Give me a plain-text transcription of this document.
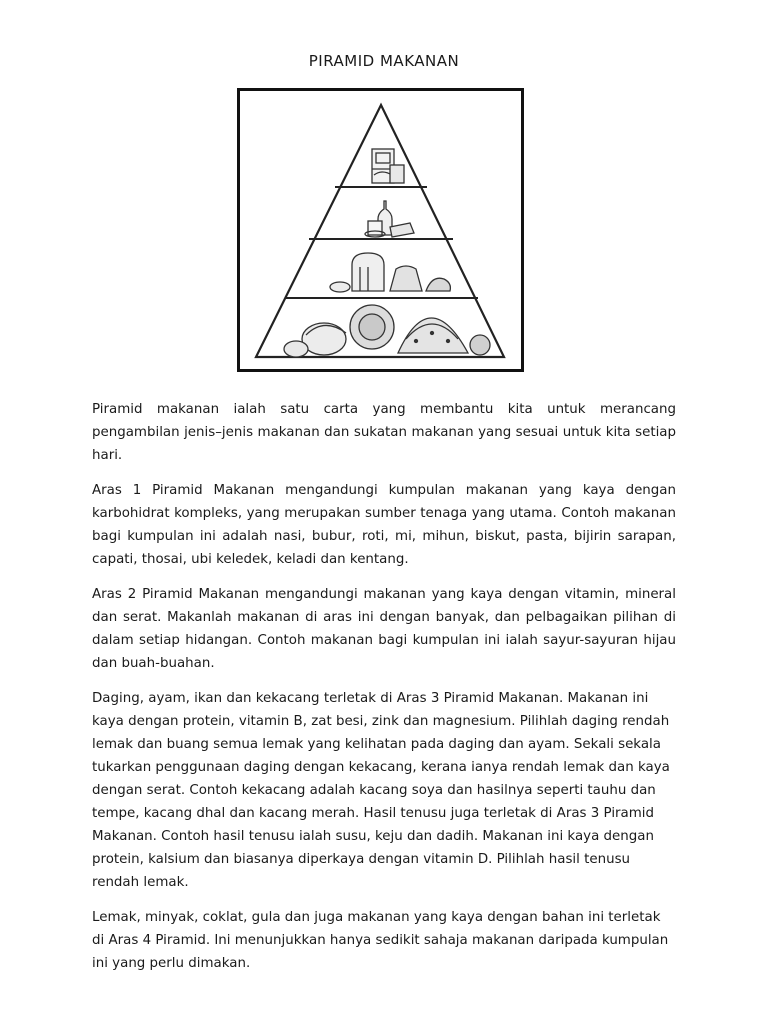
PIRAMID MAKANAN

Piramid makanan ialah satu carta yang membantu kita untuk merancang pengambilan jenis–jenis makanan dan sukatan makanan yang sesuai untuk kita setiap hari.

Aras 1 Piramid Makanan mengandungi kumpulan makanan yang kaya dengan karbohidrat kompleks, yang merupakan sumber tenaga yang utama. Contoh makanan bagi kumpulan ini adalah nasi, bubur, roti, mi, mihun, biskut, pasta, bijirin sarapan, capati, thosai, ubi keledek, keladi dan kentang.

Aras 2 Piramid Makanan mengandungi makanan yang kaya dengan vitamin, mineral dan serat. Makanlah makanan di aras ini dengan banyak, dan pelbagaikan pilihan di dalam setiap hidangan. Contoh makanan bagi kumpulan ini ialah sayur-sayuran hijau dan buah-buahan.

Daging, ayam, ikan dan kekacang terletak di Aras 3 Piramid Makanan. Makanan ini kaya dengan protein, vitamin B, zat besi, zink dan magnesium. Pilihlah daging rendah lemak dan buang semua lemak yang kelihatan pada daging dan ayam. Sekali sekala tukarkan penggunaan daging dengan kekacang, kerana ianya rendah lemak dan kaya dengan serat. Contoh kekacang adalah kacang soya dan hasilnya seperti tauhu dan tempe, kacang dhal dan kacang merah. Hasil tenusu juga terletak di Aras 3 Piramid Makanan. Contoh hasil tenusu ialah susu, keju dan dadih. Makanan ini kaya dengan protein, kalsium dan biasanya diperkaya dengan vitamin D. Pilihlah hasil tenusu rendah lemak.

Lemak, minyak, coklat, gula dan juga makanan yang kaya dengan bahan ini terletak di Aras 4 Piramid. Ini menunjukkan hanya sedikit sahaja makanan daripada kumpulan ini yang perlu dimakan.
